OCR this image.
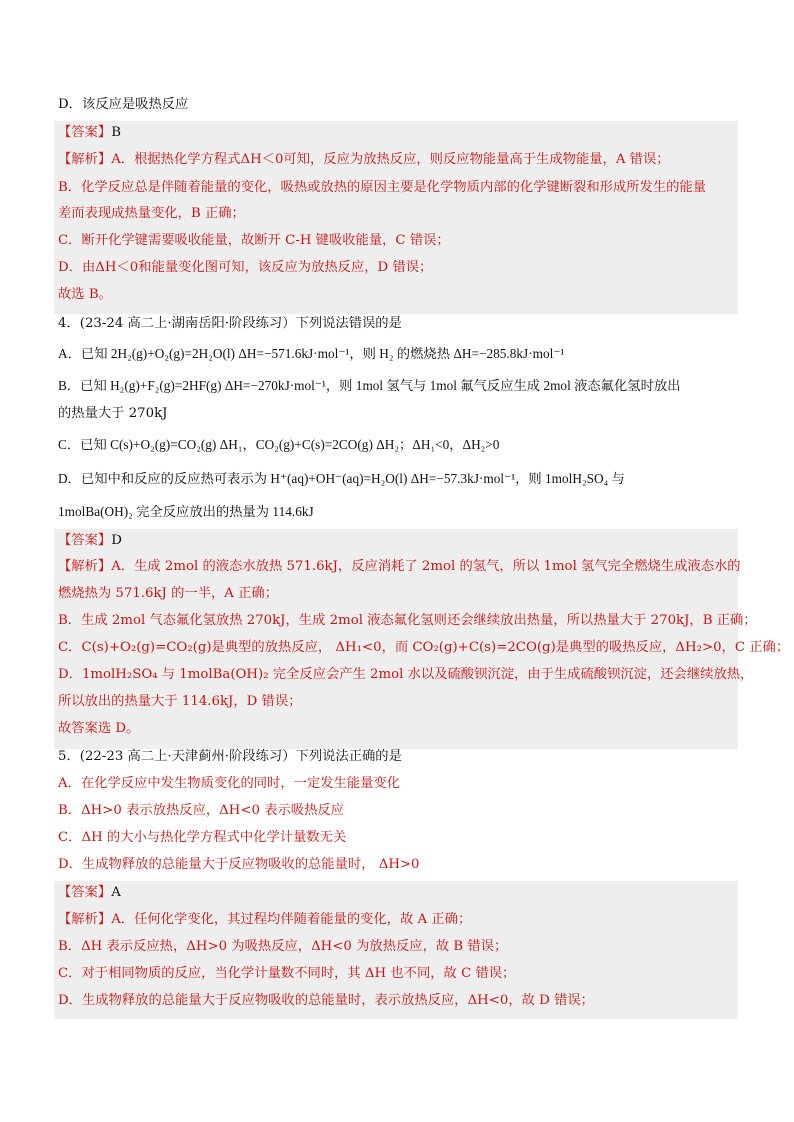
D．该反应是吸热反应
【答案】B
【解析】A．根据热化学方程式ΔH＜0可知，反应为放热反应，则反应物能量高于生成物能量，A 错误；
B．化学反应总是伴随着能量的变化，吸热或放热的原因主要是化学物质内部的化学键断裂和形成所发生的能量
差而表现成热量变化，B 正确；
C．断开化学键需要吸收能量，故断开 C-H 键吸收能量，C 错误；
D．由ΔH＜0和能量变化图可知，该反应为放热反应，D 错误；
故选 B。
4．(23-24 高二上·湖南岳阳·阶段练习）下列说法错误的是
A．已知 2H₂(g)+O₂(g)=2H₂O(l) ΔH=−571.6kJ·mol⁻¹，则 H₂ 的燃烧热 ΔH=−285.8kJ·mol⁻¹
B．已知 H₂(g)+F₂(g)=2HF(g) ΔH=−270kJ·mol⁻¹，则 1mol 氢气与 1mol 氟气反应生成 2mol 液态氟化氢时放出
的热量大于 270kJ
C．已知 C(s)+O₂(g)=CO₂(g) ΔH₁，CO₂(g)+C(s)=2CO(g) ΔH₂；ΔH₁<0，ΔH₂>0
D．已知中和反应的反应热可表示为 H⁺(aq)+OH⁻(aq)=H₂O(l) ΔH=−57.3kJ·mol⁻¹，则 1molH₂SO₄ 与
1molBa(OH)₂ 完全反应放出的热量为 114.6kJ
【答案】D
【解析】A．生成 2mol 的液态水放热 571.6kJ，反应消耗了 2mol 的氢气，所以 1mol 氢气完全燃烧生成液态水的
燃烧热为 571.6kJ 的一半，A 正确；
B．生成 2mol 气态氟化氢放热 270kJ，生成 2mol 液态氟化氢则还会继续放出热量，所以热量大于 270kJ，B 正确；
C．C(s)+O₂(g)=CO₂(g)是典型的放热反应， ΔH₁<0，而 CO₂(g)+C(s)=2CO(g)是典型的吸热反应，ΔH₂>0，C 正确；
D．1molH₂SO₄ 与 1molBa(OH)₂ 完全反应会产生 2mol 水以及硫酸钡沉淀，由于生成硫酸钡沉淀，还会继续放热，
所以放出的热量大于 114.6kJ，D 错误；
故答案选 D。
5．(22-23 高二上·天津蓟州·阶段练习）下列说法正确的是
A．在化学反应中发生物质变化的同时，一定发生能量变化
B．ΔH>0 表示放热反应，ΔH<0 表示吸热反应
C．ΔH 的大小与热化学方程式中化学计量数无关
D．生成物释放的总能量大于反应物吸收的总能量时， ΔH>0
【答案】A
【解析】A．任何化学变化，其过程均伴随着能量的变化，故 A 正确；
B．ΔH 表示反应热，ΔH>0 为吸热反应，ΔH<0 为放热反应，故 B 错误；
C．对于相同物质的反应，当化学计量数不同时，其 ΔH 也不同，故 C 错误；
D．生成物释放的总能量大于反应物吸收的总能量时，表示放热反应，ΔH<0，故 D 错误；
